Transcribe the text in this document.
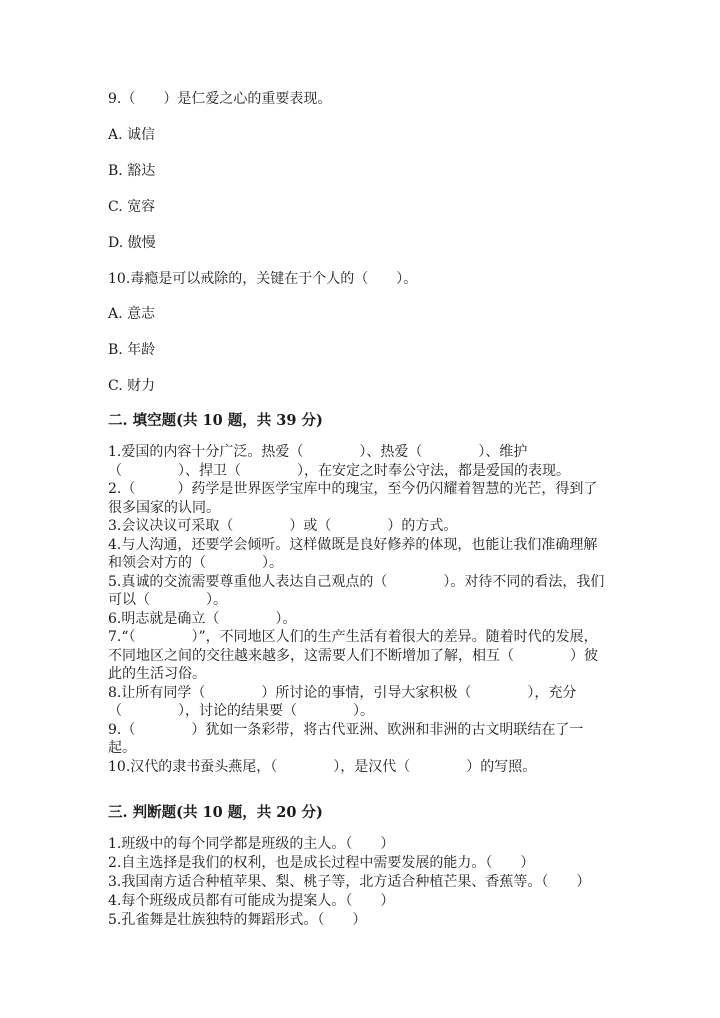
9.（　　）是仁爱之心的重要表现。
A. 诚信
B. 豁达
C. 宽容
D. 傲慢
10.毒瘾是可以戒除的，关键在于个人的（　　）。
A. 意志
B. 年龄
C. 财力
二. 填空题(共 10 题，共 39 分)

1.爱国的内容十分广泛。热爱（　　　　）、热爱（　　　　）、维护（　　　　）、捍卫（　　　　），在安定之时奉公守法，都是爱国的表现。

2.（　　　）药学是世界医学宝库中的瑰宝，至今仍闪耀着智慧的光芒，得到了很多国家的认同。

3.会议决议可采取（　　　　）或（　　　　）的方式。

4.与人沟通，还要学会倾听。这样做既是良好修养的体现，也能让我们准确理解和领会对方的（　　　　）。

5.真诚的交流需要尊重他人表达自己观点的（　　　　）。对待不同的看法，我们可以（　　　　）。

6.明志就是确立（　　　　）。

7.“（　　　　）”，不同地区人们的生产生活有着很大的差异。随着时代的发展，不同地区之间的交往越来越多，这需要人们不断增加了解，相互（　　　　）彼此的生活习俗。

8.让所有同学（　　　　）所讨论的事情，引导大家积极（　　　　），充分（　　　　），讨论的结果要（　　　　）。

9.（　　　　）犹如一条彩带，将古代亚洲、欧洲和非洲的古文明联结在了一起。

10.汉代的隶书蚕头燕尾，（　　　　），是汉代（　　　　）的写照。

三. 判断题(共 10 题，共 20 分)

1.班级中的每个同学都是班级的主人。（　　）

2.自主选择是我们的权利，也是成长过程中需要发展的能力。（　　）

3.我国南方适合种植苹果、梨、桃子等，北方适合种植芒果、香蕉等。（　　）

4.每个班级成员都有可能成为提案人。（　　）

5.孔雀舞是壮族独特的舞蹈形式。（　　）
